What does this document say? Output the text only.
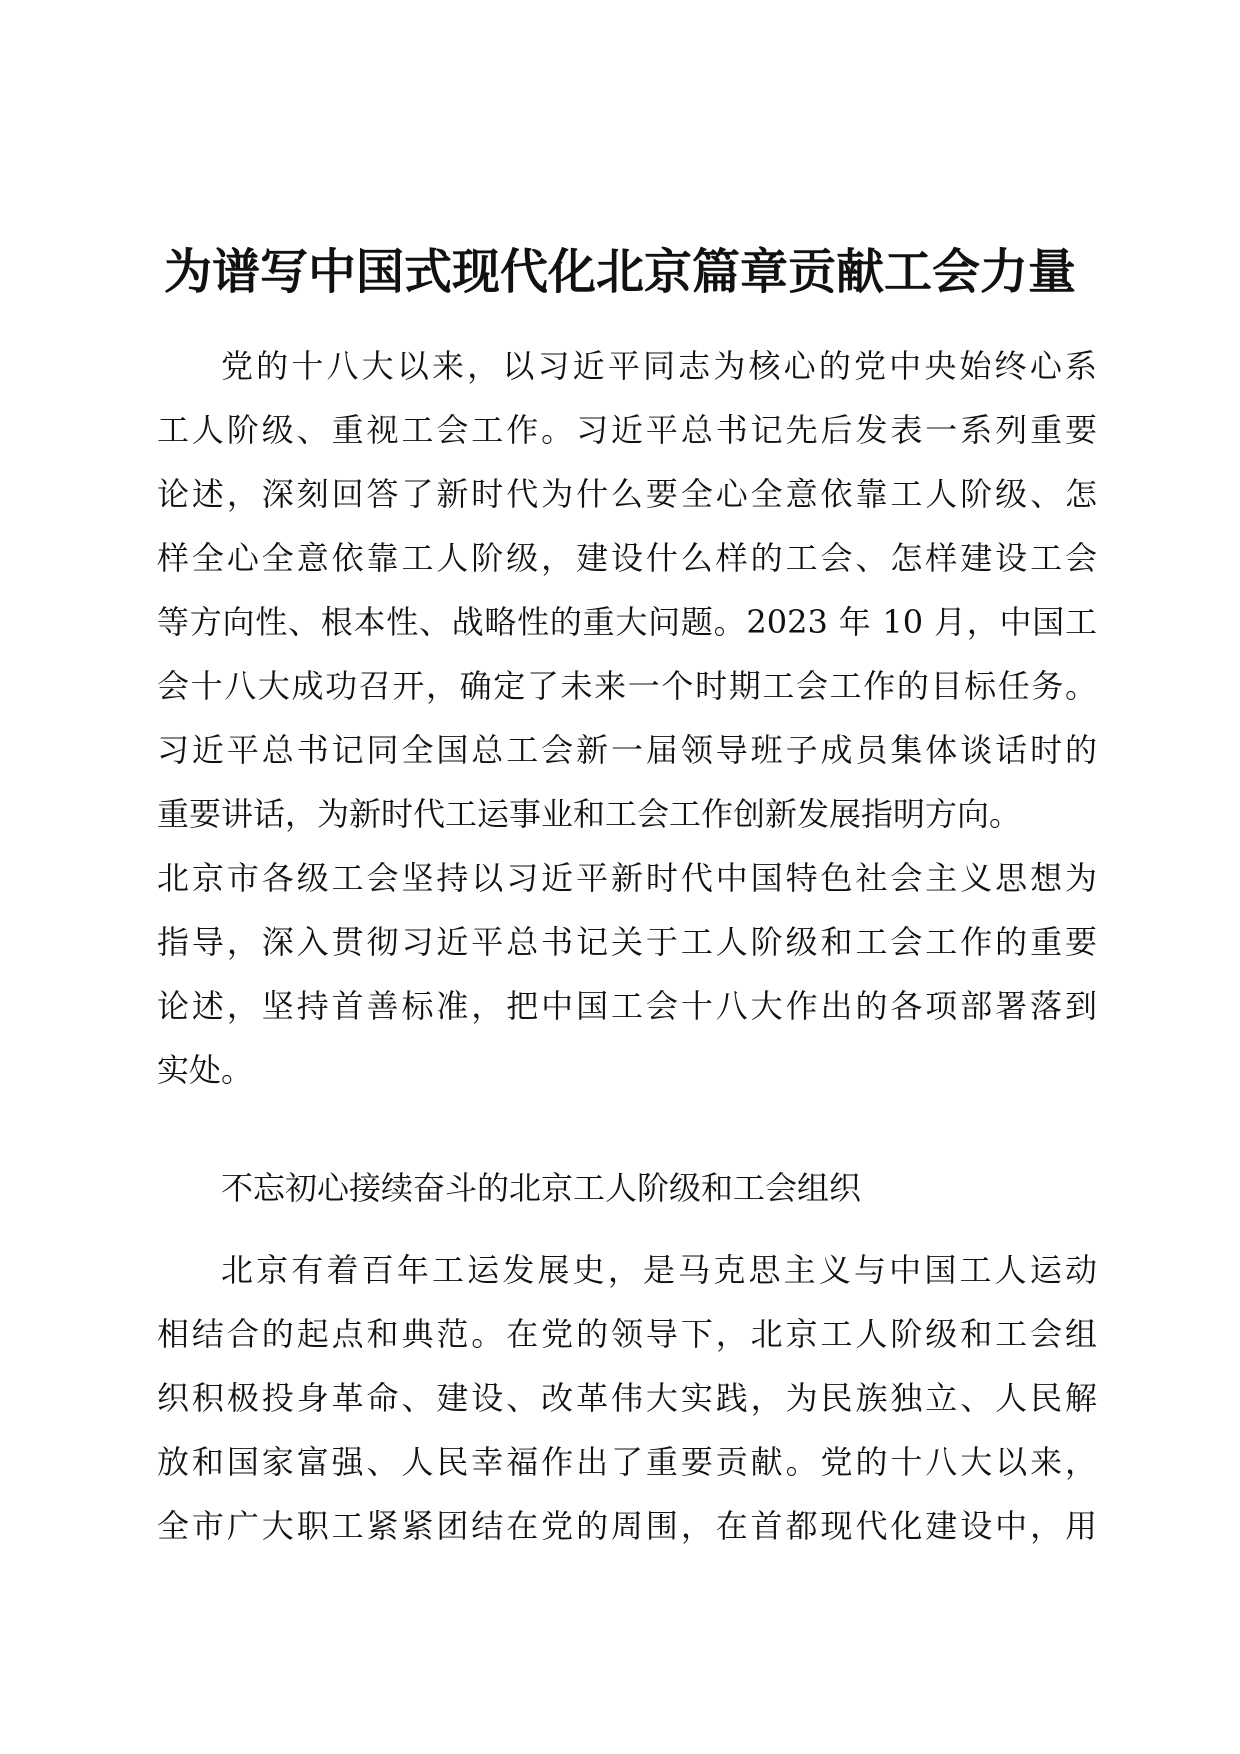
为谱写中国式现代化北京篇章贡献工会力量
党的十八大以来，以习近平同志为核心的党中央始终心系
工人阶级、重视工会工作。习近平总书记先后发表一系列重要
论述，深刻回答了新时代为什么要全心全意依靠工人阶级、怎
样全心全意依靠工人阶级，建设什么样的工会、怎样建设工会
等方向性、根本性、战略性的重大问题。2023 年 10 月，中国工
会十八大成功召开，确定了未来一个时期工会工作的目标任务。
习近平总书记同全国总工会新一届领导班子成员集体谈话时的
重要讲话，为新时代工运事业和工会工作创新发展指明方向。
北京市各级工会坚持以习近平新时代中国特色社会主义思想为
指导，深入贯彻习近平总书记关于工人阶级和工会工作的重要
论述，坚持首善标准，把中国工会十八大作出的各项部署落到
实处。
不忘初心接续奋斗的北京工人阶级和工会组织
北京有着百年工运发展史，是马克思主义与中国工人运动
相结合的起点和典范。在党的领导下，北京工人阶级和工会组
织积极投身革命、建设、改革伟大实践，为民族独立、人民解
放和国家富强、人民幸福作出了重要贡献。党的十八大以来，
全市广大职工紧紧团结在党的周围，在首都现代化建设中，用
